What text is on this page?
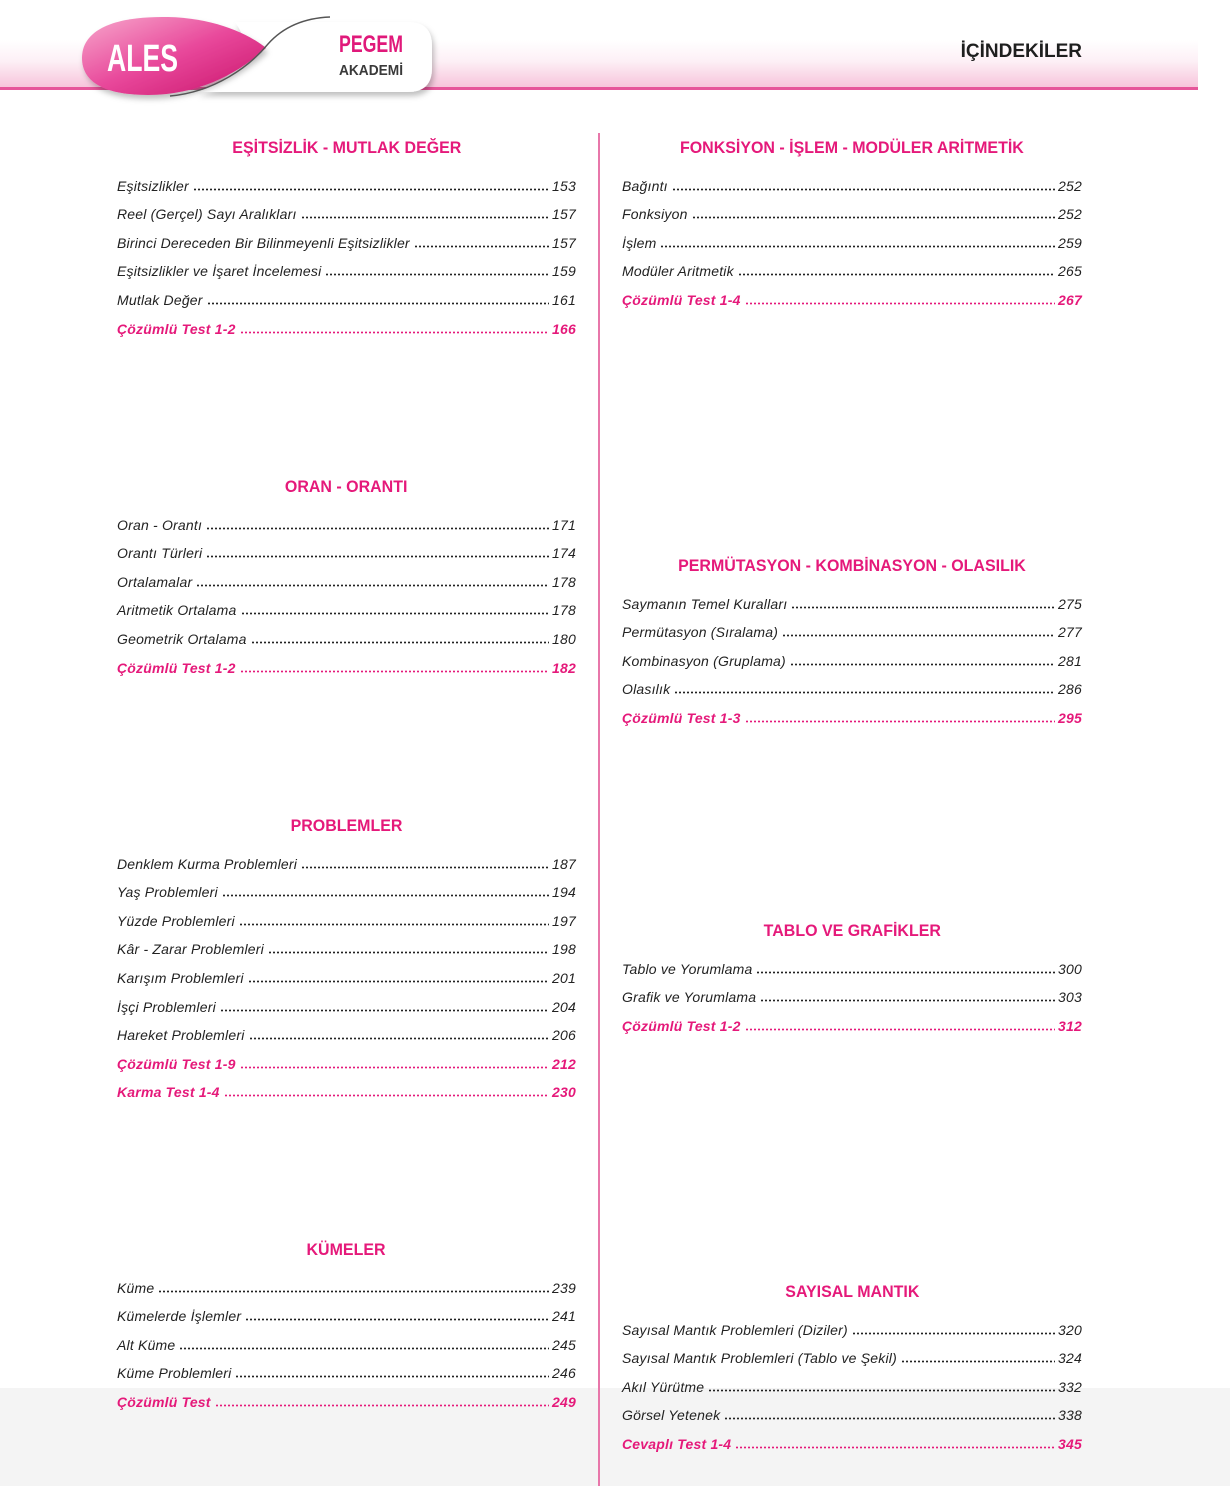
ALES	PEGEM
AKADEMİ
İÇİNDEKİLER
EŞİTSİZLİK - MUTLAK DEĞER
Eşitsizlikler	153
Reel (Gerçel) Sayı Aralıkları	157
Birinci Dereceden Bir Bilinmeyenli Eşitsizlikler	157
Eşitsizlikler ve İşaret İncelemesi	159
Mutlak Değer	161
Çözümlü Test 1-2	166
ORAN - ORANTI
Oran - Orantı	171
Orantı Türleri	174
Ortalamalar	178
Aritmetik Ortalama	178
Geometrik Ortalama	180
Çözümlü Test 1-2	182
PROBLEMLER
Denklem Kurma Problemleri	187
Yaş Problemleri	194
Yüzde Problemleri	197
Kâr - Zarar Problemleri	198
Karışım Problemleri	201
İşçi Problemleri	204
Hareket Problemleri	206
Çözümlü Test 1-9	212
Karma Test 1-4	230
KÜMELER
Küme	239
Kümelerde İşlemler	241
Alt Küme	245
Küme Problemleri	246
Çözümlü Test	249
FONKSİYON - İŞLEM - MODÜLER ARİTMETİK
Bağıntı	252
Fonksiyon	252
İşlem	259
Modüler Aritmetik	265
Çözümlü Test 1-4	267
PERMÜTASYON - KOMBİNASYON - OLASILIK
Saymanın Temel Kuralları	275
Permütasyon (Sıralama)	277
Kombinasyon (Gruplama)	281
Olasılık	286
Çözümlü Test 1-3	295
TABLO VE GRAFİKLER
Tablo ve Yorumlama	300
Grafik ve Yorumlama	303
Çözümlü Test 1-2	312
SAYISAL MANTIK
Sayısal Mantık Problemleri (Diziler)	320
Sayısal Mantık Problemleri (Tablo ve Şekil)	324
Akıl Yürütme	332
Görsel Yetenek	338
Cevaplı Test 1-4	345
